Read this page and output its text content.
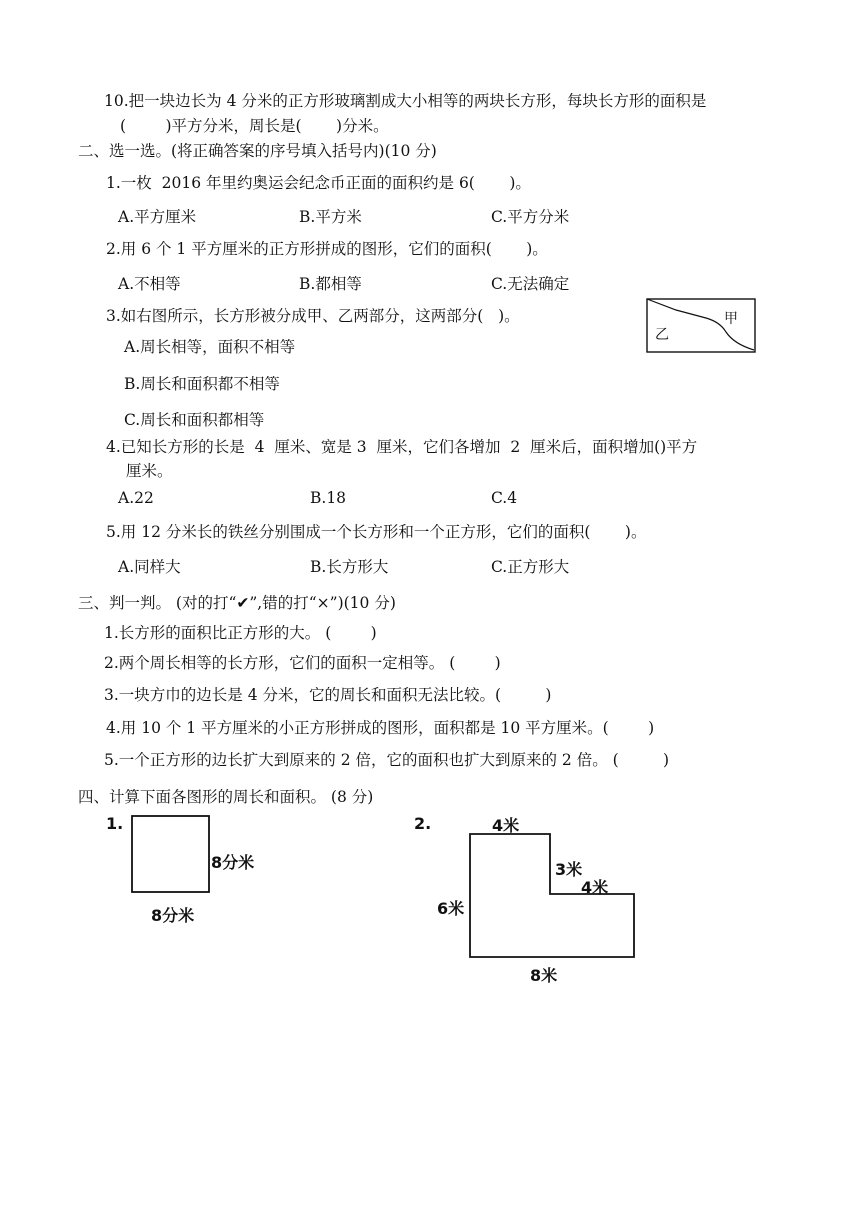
10.把一块边长为 4 分米的正方形玻璃割成大小相等的两块长方形，每块长方形的面积是
(        )平方分米，周长是(       )分米。
二、选一选。(将正确答案的序号填入括号内)(10 分)
1.一枚  2016 年里约奥运会纪念币正面的面积约是 6(       )。
A.平方厘米	B.平方米	C.平方分米
2.用 6 个 1 平方厘米的正方形拼成的图形，它们的面积(       )。
A.不相等	B.都相等	C.无法确定
3.如右图所示，长方形被分成甲、乙两部分，这两部分(   )。
A.周长相等，面积不相等
B.周长和面积都不相等
C.周长和面积都相等
乙
甲
4.已知长方形的长是  4  厘米、宽是 3  厘米，它们各增加  2  厘米后，面积增加()平方
厘米。
A.22	B.18	C.4
5.用 12 分米长的铁丝分别围成一个长方形和一个正方形，它们的面积(       )。
A.同样大	B.长方形大	C.正方形大
三、判一判。 (对的打“✔”,错的打“×”)(10 分)
1.长方形的面积比正方形的大。 (        )
2.两个周长相等的长方形，它们的面积一定相等。 (        )
3.一块方巾的边长是 4 分米，它的周长和面积无法比较。(         )
4.用 10 个 1 平方厘米的小正方形拼成的图形，面积都是 10 平方厘米。(        )
5.一个正方形的边长扩大到原来的 2 倍，它的面积也扩大到原来的 2 倍。 (         )
四、计算下面各图形的周长和面积。 (8 分)
1.
8分米
8分米
2.	4米
3米
4米
6米
8米
